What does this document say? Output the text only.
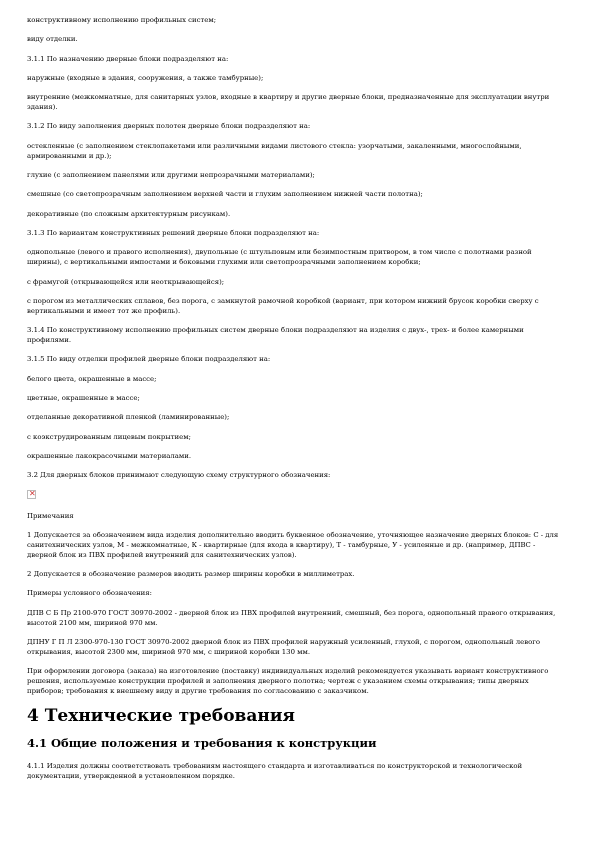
конструктивному исполнению профильных систем;

виду отделки.

3.1.1 По назначению дверные блоки подразделяют на:

наружные (входные в здания, сооружения, а также тамбурные);

внутренние (межкомнатные, для санитарных узлов, входные в квартиру и другие дверные блоки, предназначенные для эксплуатации внутри здания).

3.1.2 По виду заполнения дверных полотен дверные блоки подразделяют на:

остекленные (с заполнением стеклопакетами или различными видами листового стекла: узорчатыми, закаленными, многослойными, армированными и др.);

глухие (с заполнением панелями или другими непрозрачными материалами);

смешные (со светопрозрачным заполнением верхней части и глухим заполнением нижней части полотна);

декоративные (по сложным архитектурным рисункам).

3.1.3 По вариантам конструктивных решений дверные блоки подразделяют на:

однопольные (левого и правого исполнения), двупольные (с штульповым или безимпостным притвором, в том числе с полотнами разной ширины), с вертикальными импостами и боковыми глухими или светопрозрачными заполнением коробки;

с фрамугой (открывающейся или неоткрывающейся);

с порогом из металлических сплавов, без порога, с замкнутой рамочной коробкой (вариант, при котором нижний брусок коробки сверху с вертикальными и имеет тот же профиль).

3.1.4 По конструктивному исполнению профильных систем дверные блоки подразделяют на изделия с двух-, трех- и более камерными профилями.

3.1.5 По виду отделки профилей дверные блоки подразделяют на:

белого цвета, окрашенные в массе;

цветные, окрашенные в массе;

отделанные декоративной пленкой (ламинированные);

с коэкструдированным лицевым покрытием;

окрашенные лакокрасочными материалами.

3.2 Для дверных блоков принимают следующую схему структурного обозначения:

✕

Примечания

1 Допускается за обозначением вида изделия дополнительно вводить буквенное обозначение, уточняющее назначение дверных блоков: С - для санитехнических узлов, М - межкомнатные, К - квартирные (для входа в квартиру), Т - тамбурные, У - усиленные и др. (например, ДПВС - дверной блок из ПВХ профилей внутренний для санитехнических узлов).

2 Допускается в обозначение размеров вводить размер ширины коробки в миллиметрах.

Примеры условного обозначения:

ДПВ С Б Пр 2100-970 ГОСТ 30970-2002 - дверной блок из ПВХ профилей внутренний, смешный, без порога, однопольный правого открывания, высотой 2100 мм, шириной 970 мм.

ДПНУ Г П Л 2300-970-130 ГОСТ 30970-2002 дверной блок из ПВХ профилей наружный усиленный, глухой, с порогом, однопольный левого открывания, высотой 2300 мм, шириной 970 мм, с шириной коробки 130 мм.

При оформлении договора (заказа) на изготовление (поставку) индивидуальных изделий рекомендуется указывать вариант конструктивного решения, используемые конструкции профилей и заполнения дверного полотна; чертеж с указанием схемы открывания; типы дверных приборов; требования к внешнему виду и другие требования по согласованию с заказчиком.

4 Технические требования
4.1 Общие положения и требования к конструкции

4.1.1 Изделия должны соответствовать требованиям настоящего стандарта и изготавливаться по конструкторской и технологической документации, утвержденной в установленном порядке.
